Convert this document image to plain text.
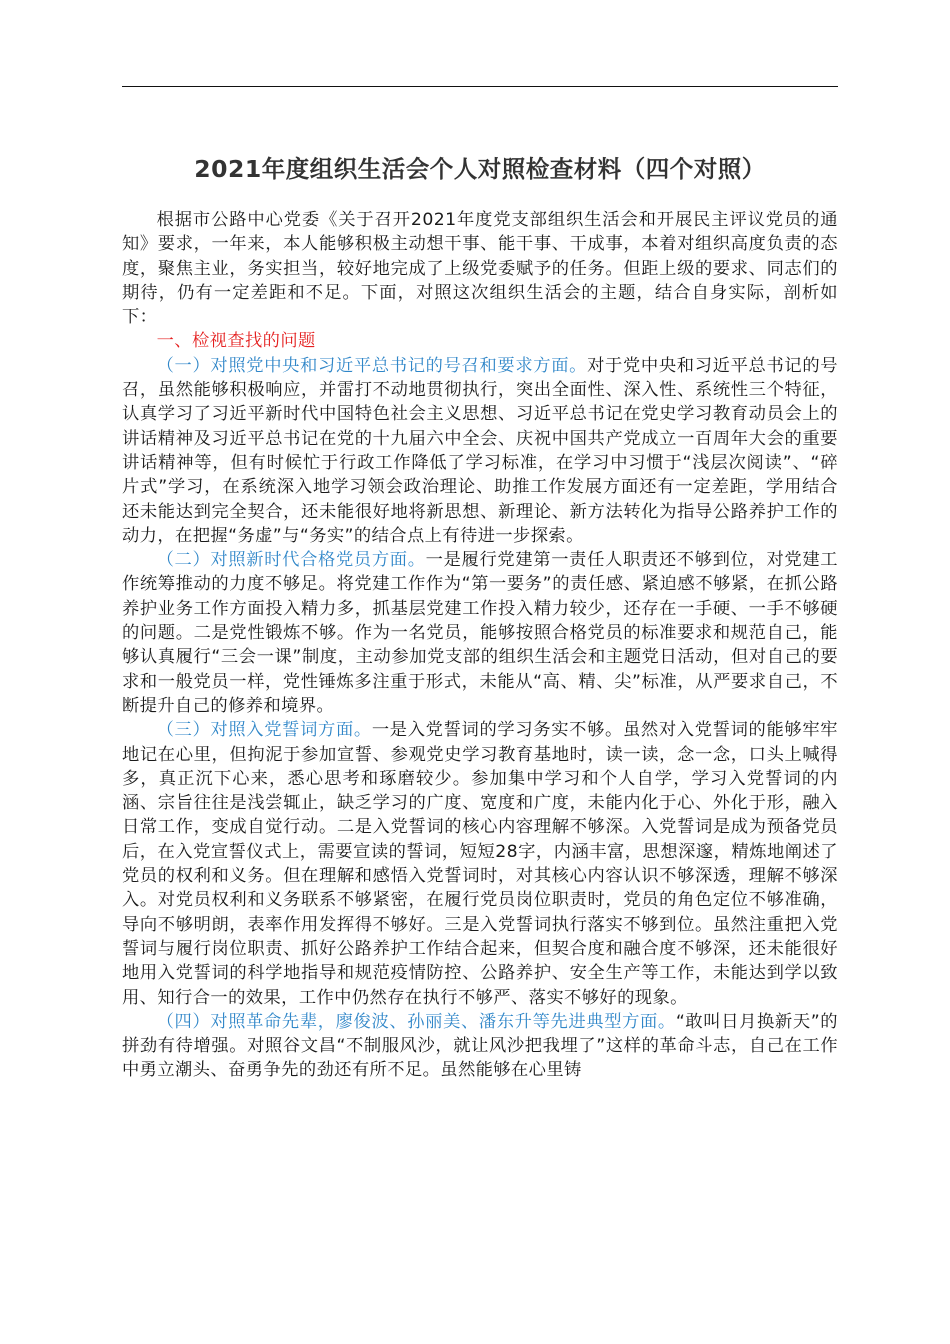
2021年度组织生活会个人对照检查材料（四个对照）

根据市公路中心党委《关于召开2021年度党支部组织生活会和开展民主评议党员的通知》要求，一年来，本人能够积极主动想干事、能干事、干成事，本着对组织高度负责的态度，聚焦主业，务实担当，较好地完成了上级党委赋予的任务。但距上级的要求、同志们的期待，仍有一定差距和不足。下面，对照这次组织生活会的主题，结合自身实际，剖析如下：

一、检视查找的问题

（一）对照党中央和习近平总书记的号召和要求方面。对于党中央和习近平总书记的号召，虽然能够积极响应，并雷打不动地贯彻执行，突出全面性、深入性、系统性三个特征，认真学习了习近平新时代中国特色社会主义思想、习近平总书记在党史学习教育动员会上的讲话精神及习近平总书记在党的十九届六中全会、庆祝中国共产党成立一百周年大会的重要讲话精神等，但有时候忙于行政工作降低了学习标准，在学习中习惯于“浅层次阅读”、“碎片式”学习，在系统深入地学习领会政治理论、助推工作发展方面还有一定差距，学用结合还未能达到完全契合，还未能很好地将新思想、新理论、新方法转化为指导公路养护工作的动力，在把握“务虚”与“务实”的结合点上有待进一步探索。

（二）对照新时代合格党员方面。一是履行党建第一责任人职责还不够到位，对党建工作统筹推动的力度不够足。将党建工作作为“第一要务”的责任感、紧迫感不够紧，在抓公路养护业务工作方面投入精力多，抓基层党建工作投入精力较少，还存在一手硬、一手不够硬的问题。二是党性锻炼不够。作为一名党员，能够按照合格党员的标准要求和规范自己，能够认真履行“三会一课”制度，主动参加党支部的组织生活会和主题党日活动，但对自己的要求和一般党员一样，党性锤炼多注重于形式，未能从“高、精、尖”标准，从严要求自己，不断提升自己的修养和境界。

（三）对照入党誓词方面。一是入党誓词的学习务实不够。虽然对入党誓词的能够牢牢地记在心里，但拘泥于参加宣誓、参观党史学习教育基地时，读一读，念一念，口头上喊得多，真正沉下心来，悉心思考和琢磨较少。参加集中学习和个人自学，学习入党誓词的内涵、宗旨往往是浅尝辄止，缺乏学习的广度、宽度和广度，未能内化于心、外化于形，融入日常工作，变成自觉行动。二是入党誓词的核心内容理解不够深。入党誓词是成为预备党员后，在入党宣誓仪式上，需要宣读的誓词，短短28字，内涵丰富，思想深邃，精炼地阐述了党员的权利和义务。但在理解和感悟入党誓词时，对其核心内容认识不够深透，理解不够深入。对党员权利和义务联系不够紧密，在履行党员岗位职责时，党员的角色定位不够准确，导向不够明朗，表率作用发挥得不够好。三是入党誓词执行落实不够到位。虽然注重把入党誓词与履行岗位职责、抓好公路养护工作结合起来，但契合度和融合度不够深，还未能很好地用入党誓词的科学地指导和规范疫情防控、公路养护、安全生产等工作，未能达到学以致用、知行合一的效果，工作中仍然存在执行不够严、落实不够好的现象。

（四）对照革命先辈，廖俊波、孙丽美、潘东升等先进典型方面。“敢叫日月换新天”的拼劲有待增强。对照谷文昌“不制服风沙，就让风沙把我埋了”这样的革命斗志，自己在工作中勇立潮头、奋勇争先的劲还有所不足。虽然能够在心里铸
